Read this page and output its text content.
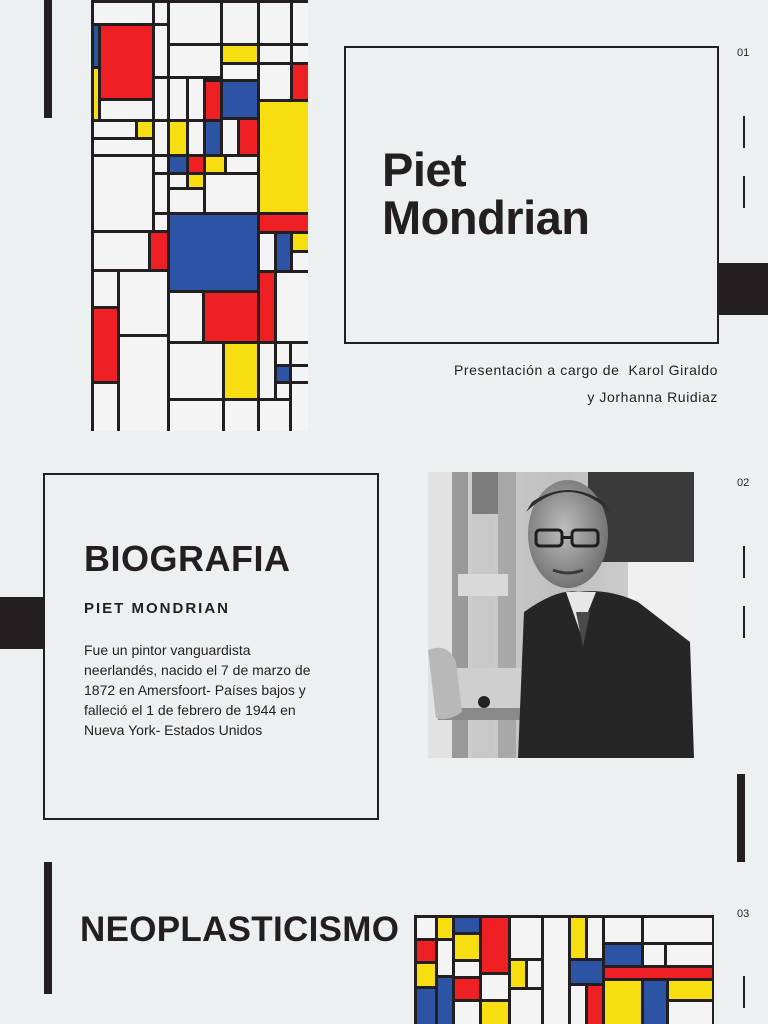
Piet
Mondrian
01
Presentación a cargo de  Karol Giraldo
y Jorhanna Ruidiaz
BIOGRAFIA
PIET MONDRIAN
Fue un pintor vanguardista
neerlandés, nacido el 7 de marzo de
1872 en Amersfoort- Países bajos y
falleció el 1 de febrero de 1944 en
Nueva York- Estados Unidos
02
NEOPLASTICISMO	03
